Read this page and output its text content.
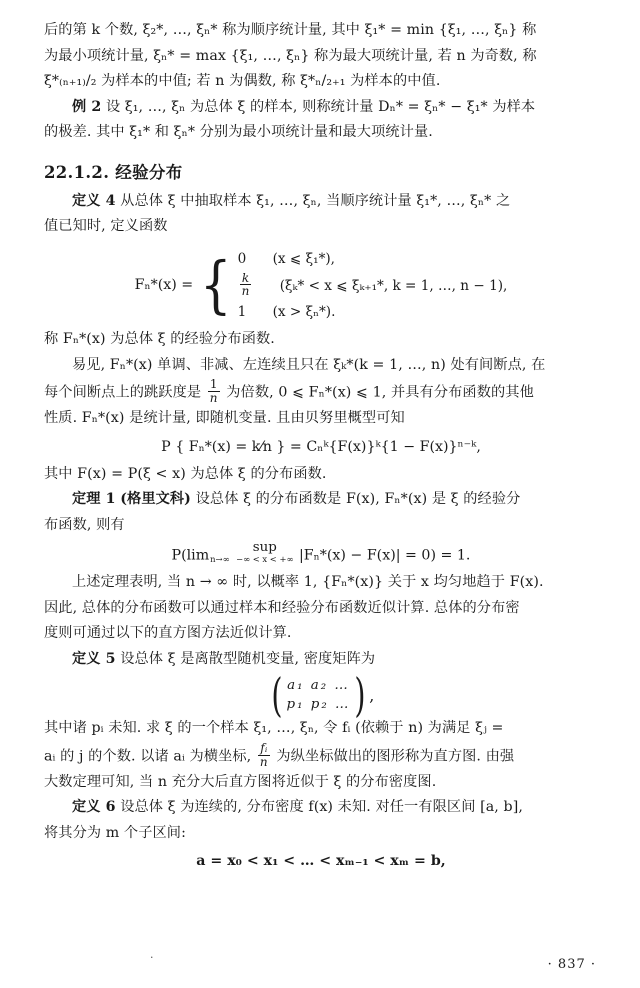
后的第 k 个数, ξ₂*, …, ξₙ* 称为顺序统计量, 其中 ξ₁* = min {ξ₁, …, ξₙ} 称

为最小项统计量, ξₙ* = max {ξ₁, …, ξₙ} 称为最大项统计量, 若 n 为奇数, 称

ξ*₍ₙ₊₁₎/₂ 为样本的中值; 若 n 为偶数, 称 ξ*ₙ/₂₊₁ 为样本的中值.

例 2 设 ξ₁, …, ξₙ 为总体 ξ 的样本, 则称统计量 Dₙ* = ξₙ* − ξ₁* 为样本

的极差. 其中 ξ₁* 和 ξₙ* 分别为最小项统计量和最大项统计量.

22.1.2. 经验分布

定义 4 从总体 ξ 中抽取样本 ξ₁, …, ξₙ, 当顺序统计量 ξ₁*, …, ξₙ* 之

值已知时, 定义函数

Fₙ*(x) = { 0 (x ⩽ ξ₁*),
$\frac{k}{n} (\xi_k* < x$ ⩽ ξₖ₊₁*, k = 1, …, n − 1),
1 (x > ξₙ*).

称 Fₙ*(x) 为总体 ξ 的经验分布函数.

易见, Fₙ*(x) 单调、非减、左连续且只在 ξₖ*(k = 1, …, n) 处有间断点, 在

每个间断点上的跳跃度是 $\frac{1}{n}$ 为倍数, 0 ⩽ Fₙ*(x) ⩽ 1, 并具有分布函数的其他

性质. Fₙ*(x) 是统计量, 即随机变量. 且由贝努里概型可知

P { Fₙ*(x) = k⁄n } = Cₙᵏ{F(x)}ᵏ{1 − F(x)}ⁿ⁻ᵏ,

其中 F(x) = P(ξ < x) 为总体 ξ 的分布函数.

定理 1 (格里文科) 设总体 ξ 的分布函数是 F(x), Fₙ*(x) 是 ξ 的经验分

布函数, 则有

P(lim n→∞

sup
−∞ < x < +∞ |Fₙ*(x) − F(x)| = 0) = 1.

上述定理表明, 当 n → ∞ 时, 以概率 1, {Fₙ*(x)} 关于 x 均匀地趋于 F(x).

因此, 总体的分布函数可以通过样本和经验分布函数近似计算. 总体的分布密

度则可通过以下的直方图方法近似计算.

定义 5 设总体 ξ 是离散型随机变量, 密度矩阵为

( a₁ a₂ …
p₁ p₂ … ) ,

其中诸 pᵢ 未知. 求 ξ 的一个样本 ξ₁, …, ξₙ, 令 fᵢ (依赖于 n) 为满足 ξⱼ =

aᵢ 的 j 的个数. 以诸 aᵢ 为横坐标, $\frac{\text{fᵢ}}{n}$ 为纵坐标做出的图形称为直方图. 由强

大数定理可知, 当 n 充分大后直方图将近似于 ξ 的分布密度图.

定义 6 设总体 ξ 为连续的, 分布密度 f(x) 未知. 对任一有限区间 [a, b],

将其分为 m 个子区间:

a = x₀ < x₁ < … < xₘ₋₁ < xₘ = b,

·	· 837 ·
